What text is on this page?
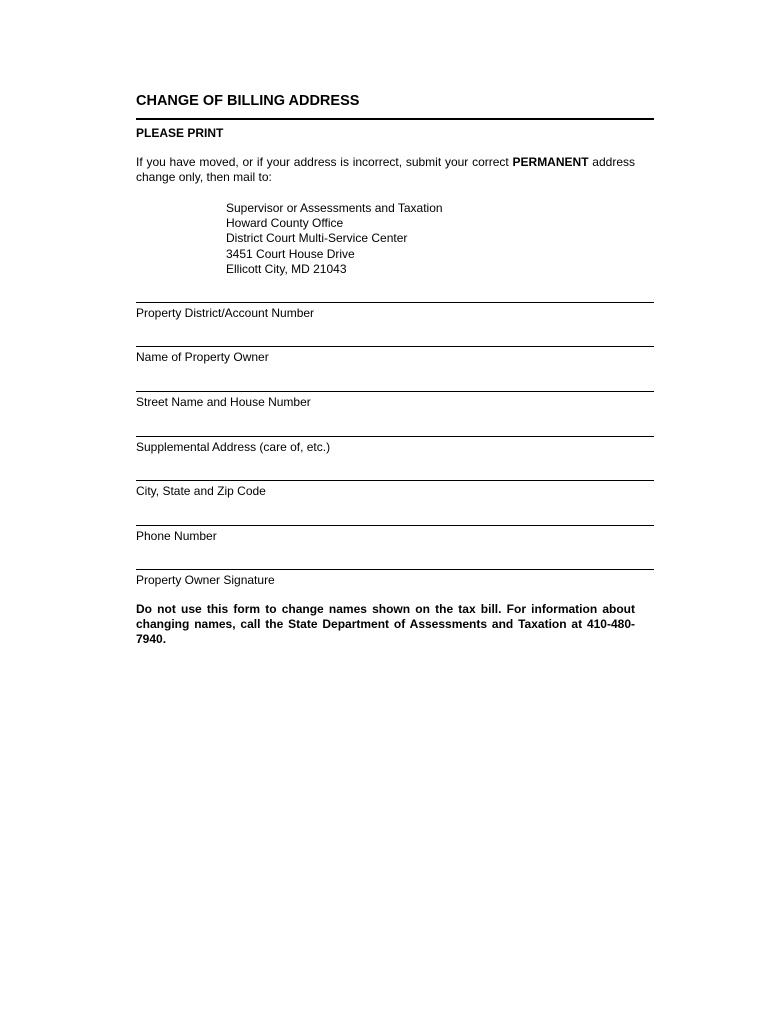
CHANGE OF BILLING ADDRESS
PLEASE PRINT
If you have moved, or if your address is incorrect, submit your correct PERMANENT address change only, then mail to:
Supervisor or Assessments and Taxation
Howard County Office
District Court Multi-Service Center
3451 Court House Drive
Ellicott City, MD 21043
Property District/Account Number
Name of Property Owner
Street Name and House Number
Supplemental Address (care of, etc.)
City, State and Zip Code
Phone Number
Property Owner Signature
Do not use this form to change names shown on the tax bill. For information about changing names, call the State Department of Assessments and Taxation at 410-480-7940.
